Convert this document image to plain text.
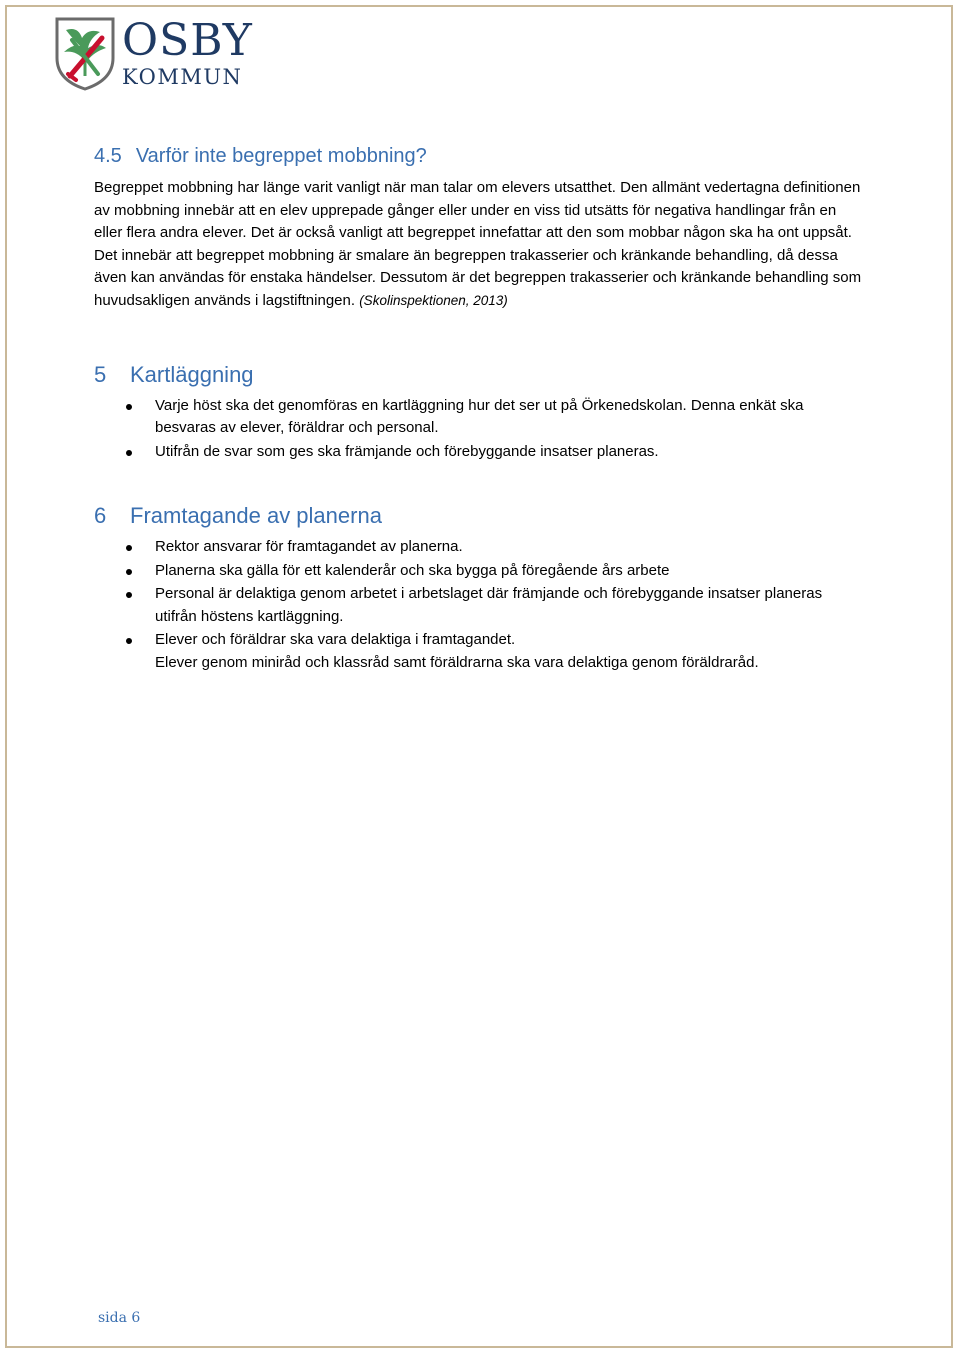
OSBY
KOMMUN
4.5 Varför inte begreppet mobbning?

Begreppet mobbning har länge varit vanligt när man talar om elevers utsatthet. Den allmänt vedertagna definitionen av mobbning innebär att en elev upprepade gånger eller under en viss tid utsätts för negativa handlingar från en eller flera andra elever. Det är också vanligt att begreppet innefattar att den som mobbar någon ska ha ont uppsåt. Det innebär att begreppet mobbning är smalare än begreppen trakasserier och kränkande behandling, då dessa även kan användas för enstaka händelser. Dessutom är det begreppen trakasserier och kränkande behandling som huvudsakligen används i lagstiftningen. (Skolinspektionen, 2013)

5 Kartläggning
Varje höst ska det genomföras en kartläggning hur det ser ut på Örkenedskolan. Denna enkät ska besvaras av elever, föräldrar och personal.
Utifrån de svar som ges ska främjande och förebyggande insatser planeras.
6 Framtagande av planerna
Rektor ansvarar för framtagandet av planerna.
Planerna ska gälla för ett kalenderår och ska bygga på föregående års arbete
Personal är delaktiga genom arbetet i arbetslaget där främjande och förebyggande insatser planeras utifrån höstens kartläggning.
Elever och föräldrar ska vara delaktiga i framtagandet.
Elever genom miniråd och klassråd samt föräldrarna ska vara delaktiga genom föräldraråd.
sida 6
